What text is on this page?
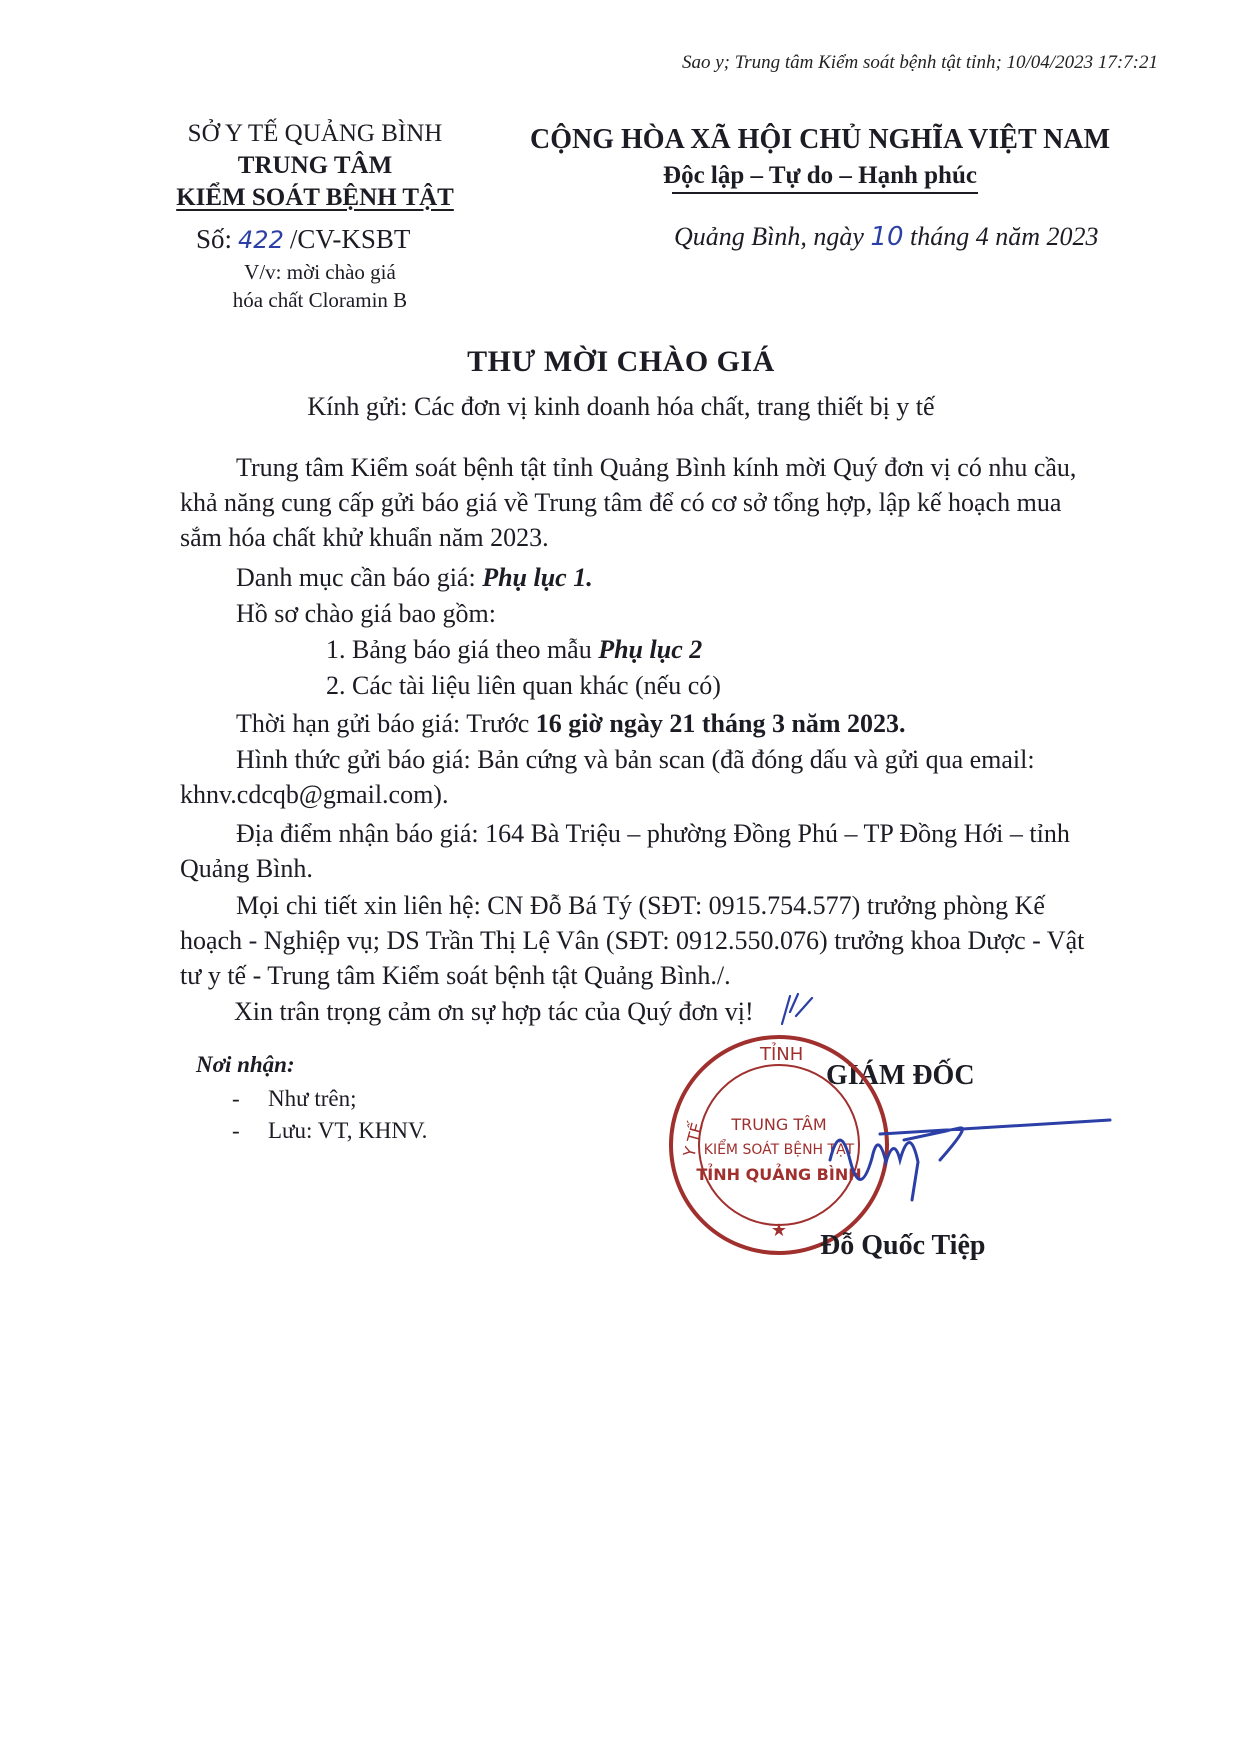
Sao y; Trung tâm Kiểm soát bệnh tật tỉnh; 10/04/2023 17:7:21
SỞ Y TẾ QUẢNG BÌNH
TRUNG TÂM
KIỂM SOÁT BỆNH TẬT
Số: 422 /CV-KSBT
V/v: mời chào giá
hóa chất Cloramin B
CỘNG HÒA XÃ HỘI CHỦ NGHĨA VIỆT NAM
Độc lập – Tự do – Hạnh phúc
Quảng Bình, ngày 10 tháng 4 năm 2023
THƯ MỜI CHÀO GIÁ
Kính gửi: Các đơn vị kinh doanh hóa chất, trang thiết bị y tế
Trung tâm Kiểm soát bệnh tật tỉnh Quảng Bình kính mời Quý đơn vị có nhu cầu,
khả năng cung cấp gửi báo giá về Trung tâm để có cơ sở tổng hợp, lập kế hoạch mua
sắm hóa chất khử khuẩn năm 2023.
Danh mục cần báo giá: Phụ lục 1.
Hồ sơ chào giá bao gồm:
1. Bảng báo giá theo mẫu Phụ lục 2
2. Các tài liệu liên quan khác (nếu có)
Thời hạn gửi báo giá: Trước 16 giờ ngày 21 tháng 3 năm 2023.
Hình thức gửi báo giá: Bản cứng và bản scan (đã đóng dấu và gửi qua email:
khnv.cdcqb@gmail.com).
Địa điểm nhận báo giá: 164 Bà Triệu – phường Đồng Phú – TP Đồng Hới – tỉnh
Quảng Bình.
Mọi chi tiết xin liên hệ: CN Đỗ Bá Tý (SĐT: 0915.754.577) trưởng phòng Kế
hoạch - Nghiệp vụ; DS Trần Thị Lệ Vân (SĐT: 0912.550.076) trưởng khoa Dược - Vật
tư y tế - Trung tâm Kiểm soát bệnh tật Quảng Bình./.
Xin trân trọng cảm ơn sự hợp tác của Quý đơn vị!
Nơi nhận:
- Như trên;
- Lưu: VT, KHNV.
GIÁM ĐỐC
TỈNH
Y TẾ TRUNG TÂM
KIỂM SOÁT BỆNH TẬT
TỈNH QUẢNG BÌNH
★ Đỗ Quốc Tiệp
